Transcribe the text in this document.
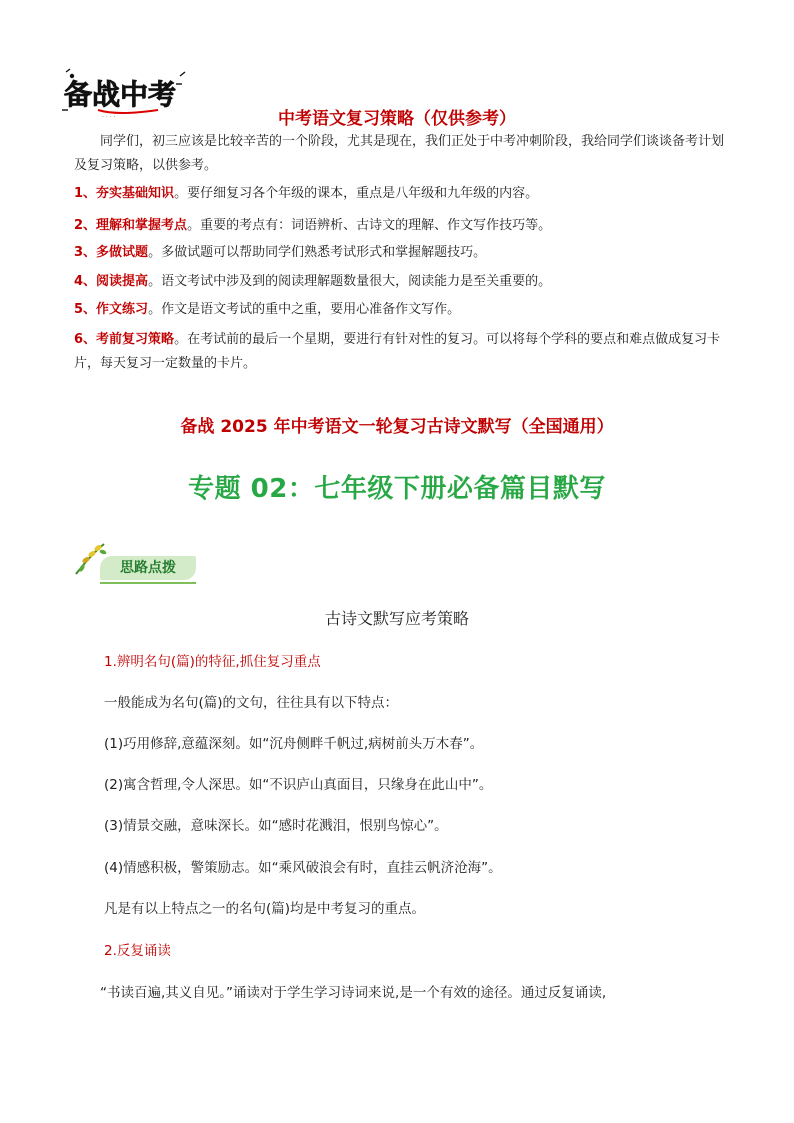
备战中考
· · · ·	中考语文复习策略（仅供参考）
同学们，初三应该是比较辛苦的一个阶段，尤其是现在，我们正处于中考冲刺阶段，我给同学们谈谈备考计划及复习策略，以供参考。
1、夯实基础知识。要仔细复习各个年级的课本，重点是八年级和九年级的内容。
2、理解和掌握考点。重要的考点有：词语辨析、古诗文的理解、作文写作技巧等。
3、多做试题。多做试题可以帮助同学们熟悉考试形式和掌握解题技巧。
4、阅读提高。语文考试中涉及到的阅读理解题数量很大，阅读能力是至关重要的。
5、作文练习。作文是语文考试的重中之重，要用心准备作文写作。
6、考前复习策略。在考试前的最后一个星期，要进行有针对性的复习。可以将每个学科的要点和难点做成复习卡片，每天复习一定数量的卡片。
备战 2025 年中考语文一轮复习古诗文默写（全国通用）
专题 02：七年级下册必备篇目默写
思路点拨
古诗文默写应考策略
1.辨明名句(篇)的特征,抓住复习重点
一般能成为名句(篇)的文句，往往具有以下特点：
(1)巧用修辞,意蕴深刻。如“沉舟侧畔千帆过,病树前头万木春”。
(2)寓含哲理,令人深思。如“不识庐山真面目，只缘身在此山中”。
(3)情景交融，意味深长。如“感时花溅泪，恨别鸟惊心”。
(4)情感积极，警策励志。如“乘风破浪会有时，直挂云帆济沧海”。
凡是有以上特点之一的名句(篇)均是中考复习的重点。
2.反复诵读
“书读百遍,其义自见。”诵读对于学生学习诗词来说,是一个有效的途径。通过反复诵读,
